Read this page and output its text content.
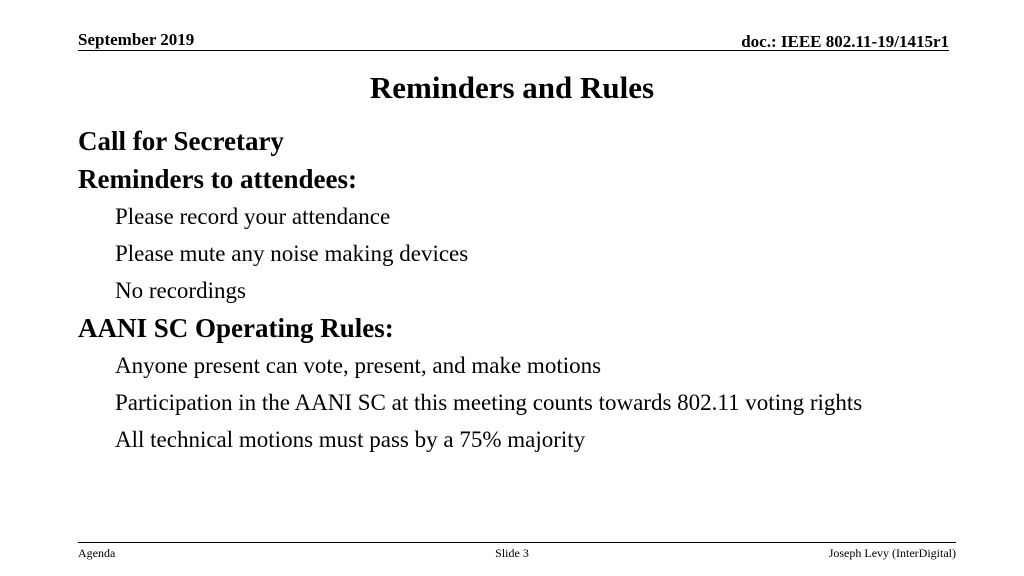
September 2019	doc.: IEEE 802.11-19/1415r1
Reminders and Rules
Call for Secretary
Reminders to attendees:
Please record your attendance
Please mute any noise making devices
No recordings
AANI SC Operating Rules:
Anyone present can vote, present, and make motions
Participation in the AANI SC at this meeting counts towards 802.11 voting rights
All technical motions must pass by a 75% majority
Agenda	Slide 3	Joseph Levy (InterDigital)
